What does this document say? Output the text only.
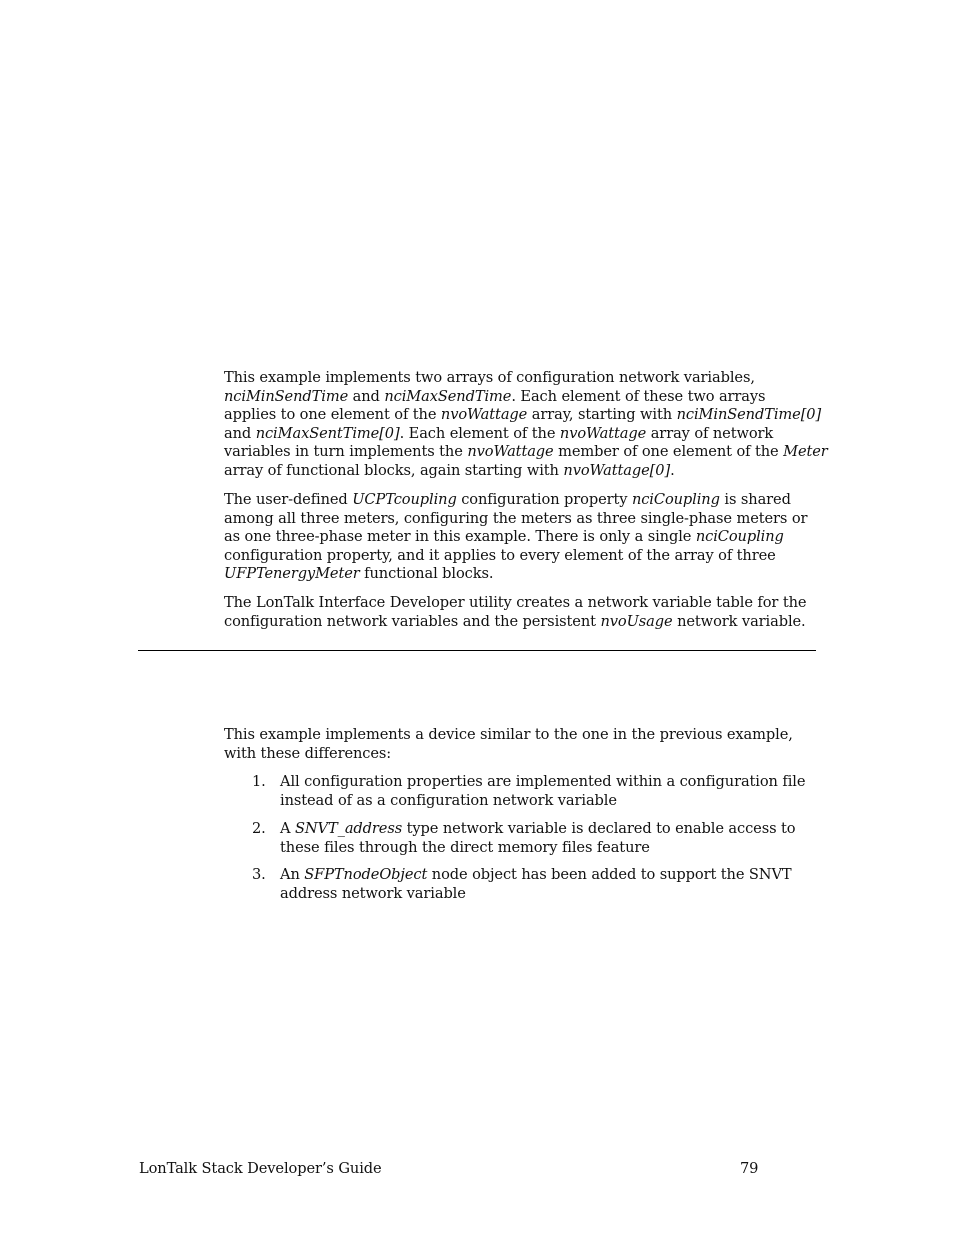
This example implements two arrays of configuration network variables,
nciMinSendTime and nciMaxSendTime. Each element of these two arrays
applies to one element of the nvoWattage array, starting with nciMinSendTime[0]
and nciMaxSentTime[0]. Each element of the nvoWattage array of network
variables in turn implements the nvoWattage member of one element of the Meter
array of functional blocks, again starting with nvoWattage[0].
The user-defined UCPTcoupling configuration property nciCoupling is shared
among all three meters, configuring the meters as three single-phase meters or
as one three-phase meter in this example. There is only a single nciCoupling
configuration property, and it applies to every element of the array of three
UFPTenergyMeter functional blocks.
The LonTalk Interface Developer utility creates a network variable table for the
configuration network variables and the persistent nvoUsage network variable.
This example implements a device similar to the one in the previous example,
with these differences:
1. All configuration properties are implemented within a configuration file
instead of as a configuration network variable
2. A SNVT_address type network variable is declared to enable access to
these files through the direct memory files feature
3. An SFPTnodeObject node object has been added to support the SNVT
address network variable
LonTalk Stack Developer’s Guide	79
